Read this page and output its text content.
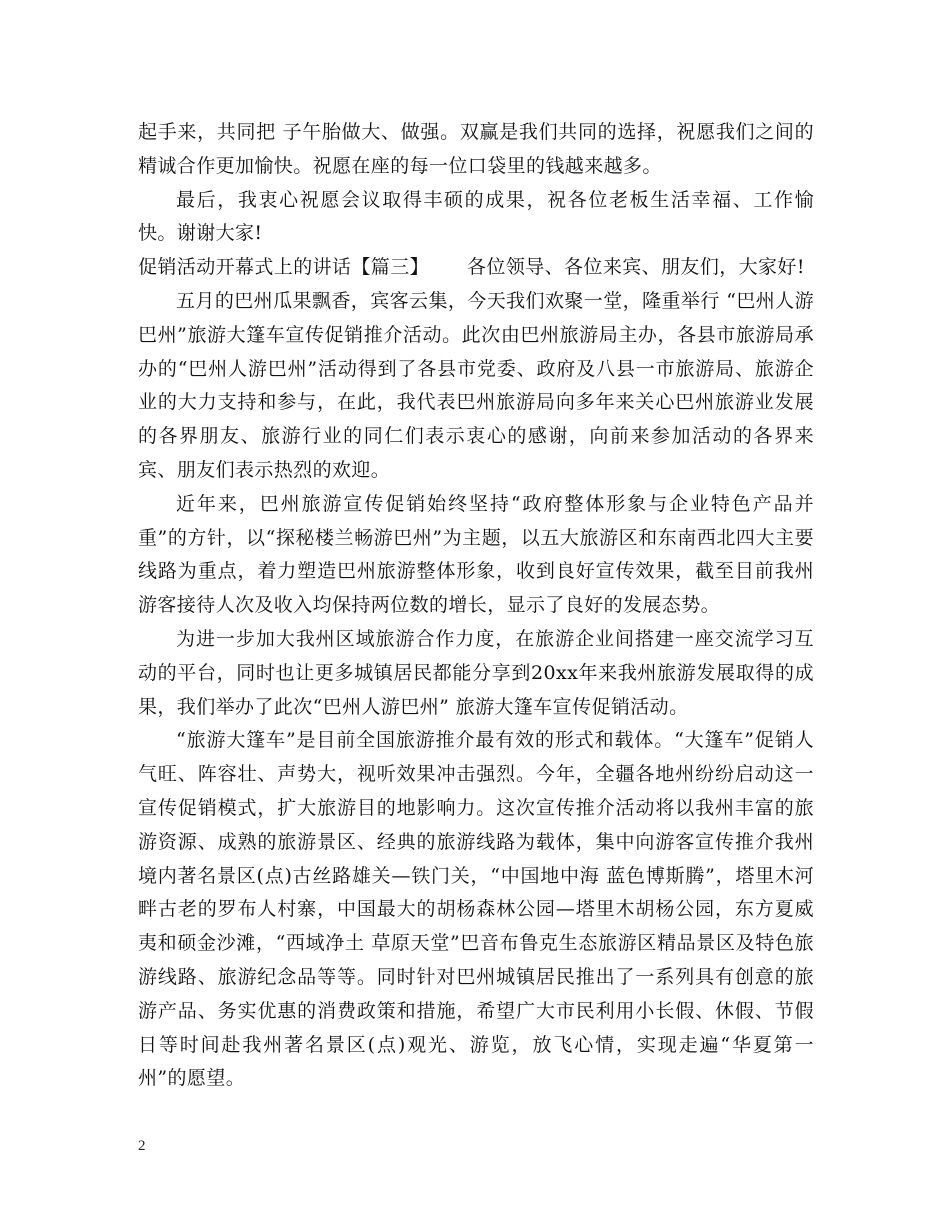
起手来，共同把 子午胎做大、做强。双赢是我们共同的选择，祝愿我们之间的精诚合作更加愉快。祝愿在座的每一位口袋里的钱越来越多。

最后，我衷心祝愿会议取得丰硕的成果，祝各位老板生活幸福、工作愉快。谢谢大家!

促销活动开幕式上的讲话【篇三】 各位领导、各位来宾、朋友们，大家好!

五月的巴州瓜果飘香，宾客云集，今天我们欢聚一堂，隆重举行 “巴州人游巴州”旅游大篷车宣传促销推介活动。此次由巴州旅游局主办，各县市旅游局承办的“巴州人游巴州”活动得到了各县市党委、政府及八县一市旅游局、旅游企业的大力支持和参与，在此，我代表巴州旅游局向多年来关心巴州旅游业发展的各界朋友、旅游行业的同仁们表示衷心的感谢，向前来参加活动的各界来宾、朋友们表示热烈的欢迎。

近年来，巴州旅游宣传促销始终坚持“政府整体形象与企业特色产品并重”的方针，以“探秘楼兰畅游巴州”为主题，以五大旅游区和东南西北四大主要线路为重点，着力塑造巴州旅游整体形象，收到良好宣传效果，截至目前我州游客接待人次及收入均保持两位数的增长，显示了良好的发展态势。

为进一步加大我州区域旅游合作力度，在旅游企业间搭建一座交流学习互动的平台，同时也让更多城镇居民都能分享到20xx年来我州旅游发展取得的成果，我们举办了此次“巴州人游巴州” 旅游大篷车宣传促销活动。

“旅游大篷车”是目前全国旅游推介最有效的形式和载体。“大篷车”促销人气旺、阵容壮、声势大，视听效果冲击强烈。今年，全疆各地州纷纷启动这一宣传促销模式，扩大旅游目的地影响力。这次宣传推介活动将以我州丰富的旅游资源、成熟的旅游景区、经典的旅游线路为载体，集中向游客宣传推介我州境内著名景区(点)古丝路雄关—铁门关，“中国地中海 蓝色博斯腾”，塔里木河畔古老的罗布人村寨，中国最大的胡杨森林公园—塔里木胡杨公园，东方夏威夷和硕金沙滩，“西域净土 草原天堂”巴音布鲁克生态旅游区精品景区及特色旅游线路、旅游纪念品等等。同时针对巴州城镇居民推出了一系列具有创意的旅游产品、务实优惠的消费政策和措施，希望广大市民利用小长假、休假、节假日等时间赴我州著名景区(点)观光、游览，放飞心情，实现走遍“华夏第一州”的愿望。

2
